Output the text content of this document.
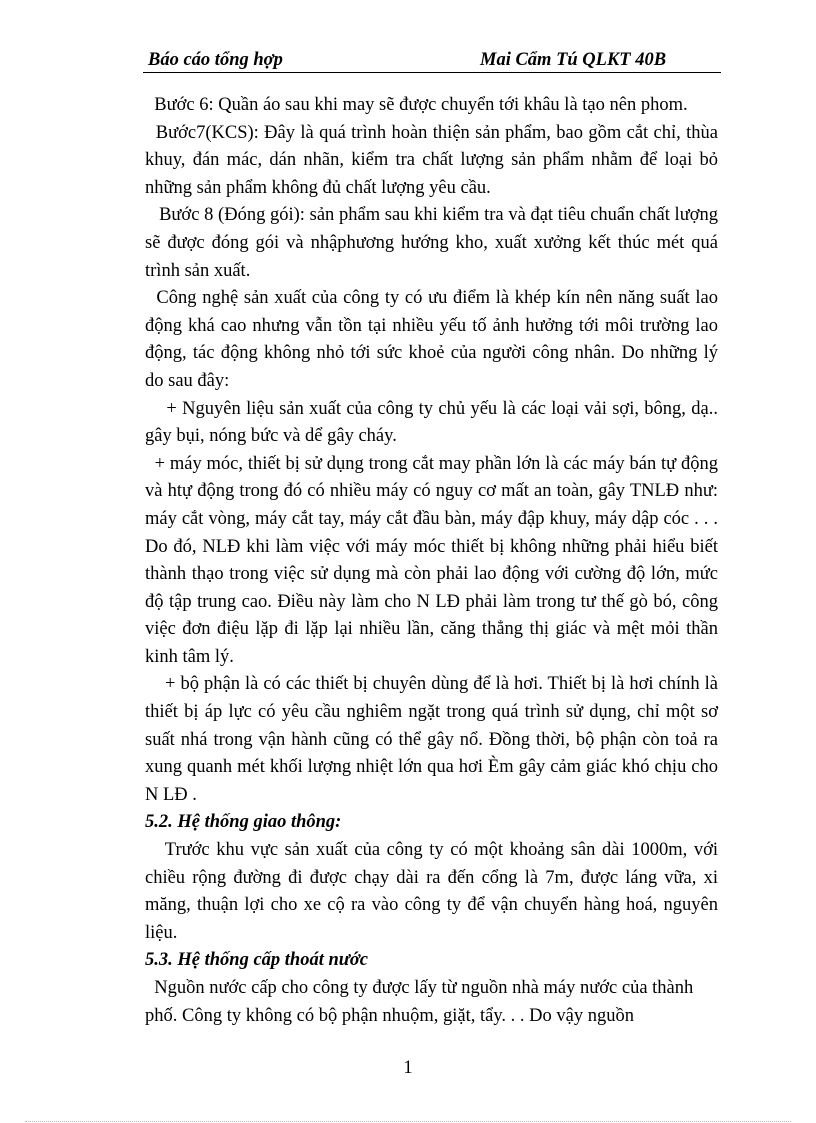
Báo cáo tổng hợp	Mai Cẩm Tú QLKT 40B

Bước 6: Quần áo sau khi may sẽ được chuyển tới khâu là tạo nên phom.

Bước7(KCS): Đây là quá trình hoàn thiện sản phẩm, bao gồm cắt chỉ, thùa khuy, đán mác, dán nhãn, kiểm tra chất lượng sản phẩm nhằm để loại bỏ những sản phẩm không đủ chất lượng yêu cầu.

Bước 8 (Đóng gói): sản phẩm sau khi kiểm tra và đạt tiêu chuẩn chất lượng sẽ được đóng gói và nhậphương hướng kho, xuất xưởng kết thúc mét quá trình sản xuất.

Công nghệ sản xuất của công ty có ưu điểm là khép kín nên năng suất lao động khá cao nhưng vẫn tồn tại nhiều yếu tố ảnh hưởng tới môi trường lao động, tác động không nhỏ tới sức khoẻ của người công nhân. Do những lý do sau đây:

+ Nguyên liệu sản xuất của công ty chủ yếu là các loại vải sợi, bông, dạ.. gây bụi, nóng bức và dể gây cháy.

+ máy móc, thiết bị sử dụng trong cắt may phần lớn là các máy bán tự động và htự động trong đó có nhiều máy có nguy cơ mất an toàn, gây TNLĐ như: máy cắt vòng, máy cắt tay, máy cắt đầu bàn, máy đập khuy, máy dập cóc . . . Do đó, NLĐ khi làm việc với máy móc thiết bị không những phải hiểu biết thành thạo trong việc sử dụng mà còn phải lao động với cường độ lớn, mức độ tập trung cao. Điều này làm cho N LĐ phải làm trong tư thế gò bó, công việc đơn điệu lặp đi lặp lại nhiều lần, căng thẳng thị giác và mệt mỏi thần kinh tâm lý.

+ bộ phận là có các thiết bị chuyên dùng để là hơi. Thiết bị là hơi chính là thiết bị áp lực có yêu cầu nghiêm ngặt trong quá trình sử dụng, chỉ một sơ suất nhá trong vận hành cũng có thể gây nổ. Đồng thời, bộ phận còn toả ra xung quanh mét khối lượng nhiệt lớn qua hơi Èm gây cảm giác khó chịu cho N LĐ .

5.2. Hệ thống giao thông:

Trước khu vực sản xuất của công ty có một khoảng sân dài 1000m, với chiều rộng đường đi được chạy dài ra đến cổng là 7m, được láng vữa, xi măng, thuận lợi cho xe cộ ra vào công ty để vận chuyển hàng hoá, nguyên liệu.

5.3. Hệ thống cấp thoát nước

Nguồn nước cấp cho công ty được lấy từ nguồn nhà máy nước của thành phố. Công ty không có bộ phận nhuộm, giặt, tẩy. . . Do vậy nguồn

1
